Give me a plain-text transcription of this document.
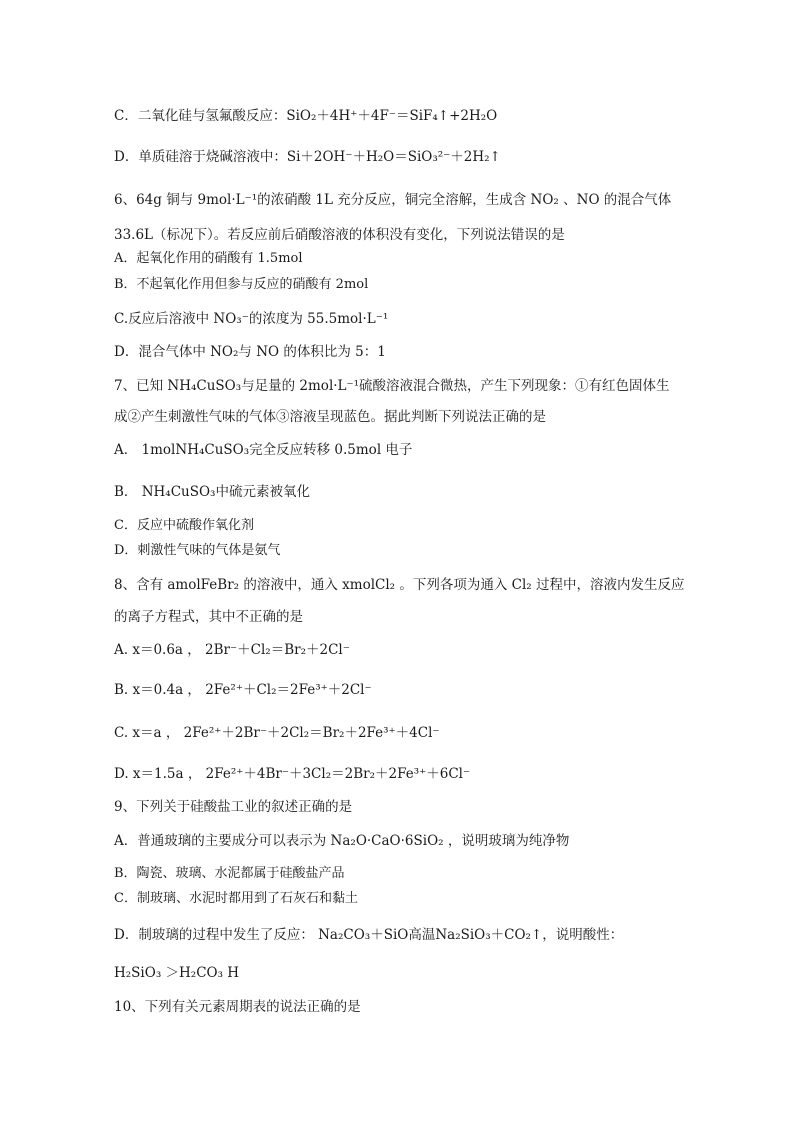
C．二氧化硅与氢氟酸反应：SiO₂＋4H⁺＋4F⁻＝SiF₄↑+2H₂O
D．单质硅溶于烧碱溶液中：Si＋2OH⁻＋H₂O＝SiO₃²⁻＋2H₂↑
6、64g 铜与 9mol·L⁻¹的浓硝酸 1L 充分反应，铜完全溶解，生成含 NO₂ 、NO 的混合气体
33.6L（标况下）。若反应前后硝酸溶液的体积没有变化，下列说法错误的是
A．起氧化作用的硝酸有 1.5mol
B．不起氧化作用但参与反应的硝酸有 2mol
C.反应后溶液中 NO₃⁻的浓度为 55.5mol·L⁻¹
D．混合气体中 NO₂与 NO 的体积比为 5：1
7、已知 NH₄CuSO₃与足量的 2mol·L⁻¹硫酸溶液混合微热，产生下列现象：①有红色固体生
成②产生刺激性气味的气体③溶液呈现蓝色。据此判断下列说法正确的是
A． 1molNH₄CuSO₃完全反应转移 0.5mol 电子
B． NH₄CuSO₃中硫元素被氧化
C．反应中硫酸作氧化剂
D．刺激性气味的气体是氨气
8、含有 amolFeBr₂ 的溶液中，通入 xmolCl₂ 。下列各项为通入 Cl₂ 过程中，溶液内发生反应
的离子方程式，其中不正确的是
A. x＝0.6a ， 2Br⁻＋Cl₂＝Br₂＋2Cl⁻
B. x＝0.4a ， 2Fe²⁺＋Cl₂＝2Fe³⁺＋2Cl⁻
C. x＝a ， 2Fe²⁺＋2Br⁻＋2Cl₂＝Br₂＋2Fe³⁺＋4Cl⁻
D. x＝1.5a ， 2Fe²⁺＋4Br⁻＋3Cl₂＝2Br₂＋2Fe³⁺＋6Cl⁻
9、下列关于硅酸盐工业的叙述正确的是
A．普通玻璃的主要成分可以表示为 Na₂O·CaO·6SiO₂ ，说明玻璃为纯净物
B．陶瓷、玻璃、水泥都属于硅酸盐产品
C．制玻璃、水泥时都用到了石灰石和黏土
D．制玻璃的过程中发生了反应： Na₂CO₃＋SiO高温Na₂SiO₃＋CO₂↑，说明酸性：
H₂SiO₃ ＞H₂CO₃ H
10、下列有关元素周期表的说法正确的是
